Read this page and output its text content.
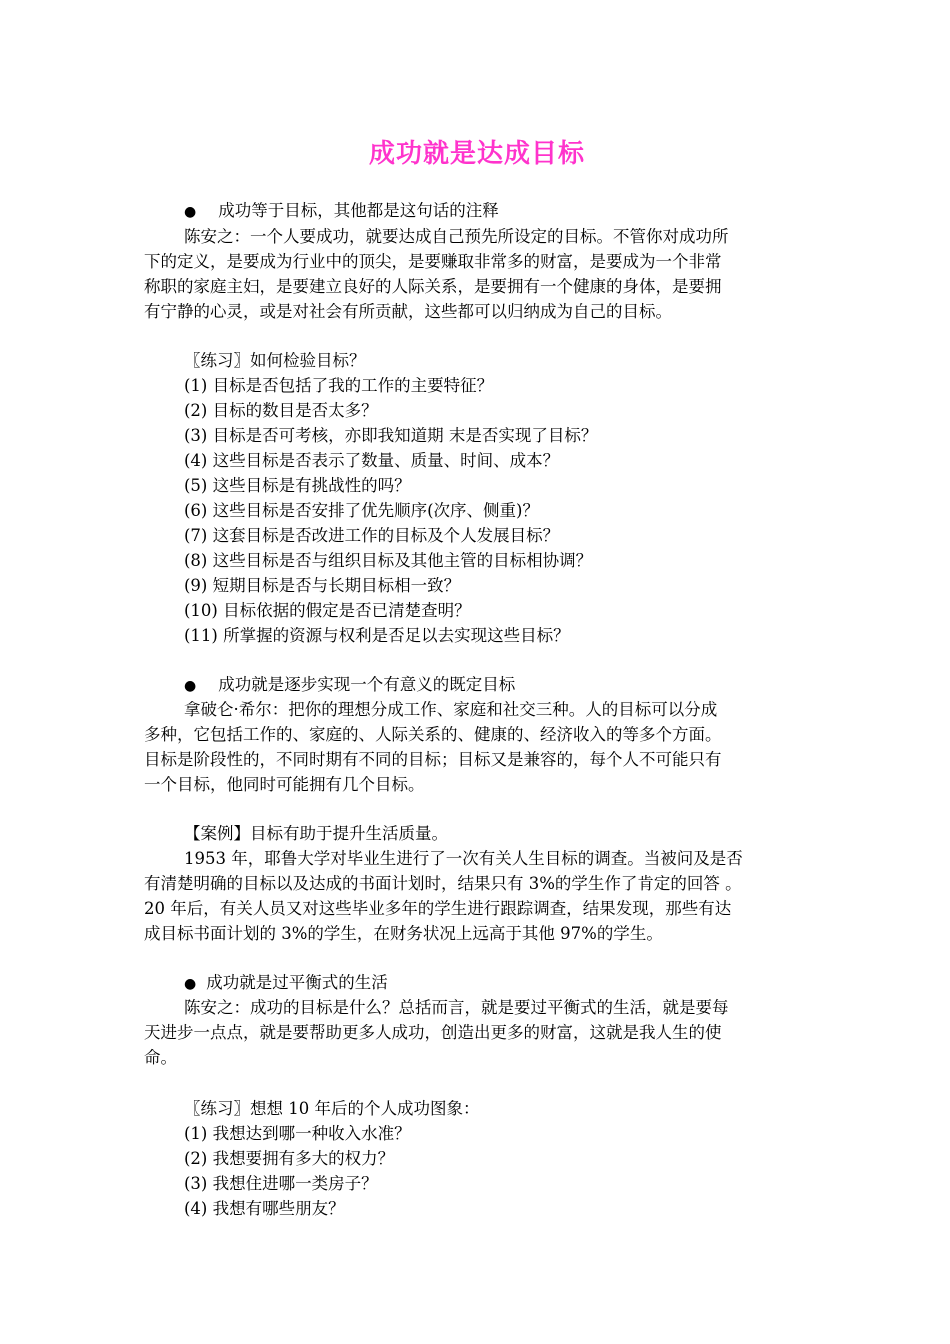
成功就是达成目标
● 成功等于目标，其他都是这句话的注释
陈安之：一个人要成功，就要达成自己预先所设定的目标。不管你对成功所
下的定义，是要成为行业中的顶尖，是要赚取非常多的财富，是要成为一个非常
称职的家庭主妇，是要建立良好的人际关系，是要拥有一个健康的身体，是要拥
有宁静的心灵，或是对社会有所贡献，这些都可以归纳成为自己的目标。
〖练习〗如何检验目标？
(1) 目标是否包括了我的工作的主要特征？
(2) 目标的数目是否太多？
(3) 目标是否可考核，亦即我知道期 末是否实现了目标？
(4) 这些目标是否表示了数量、质量、时间、成本？
(5) 这些目标是有挑战性的吗？
(6) 这些目标是否安排了优先顺序(次序、侧重)？
(7) 这套目标是否改进工作的目标及个人发展目标？
(8) 这些目标是否与组织目标及其他主管的目标相协调？
(9) 短期目标是否与长期目标相一致？
(10) 目标依据的假定是否已清楚查明？
(11) 所掌握的资源与权利是否足以去实现这些目标？
● 成功就是逐步实现一个有意义的既定目标
拿破仑·希尔：把你的理想分成工作、家庭和社交三种。人的目标可以分成
多种，它包括工作的、家庭的、人际关系的、健康的、经济收入的等多个方面。
目标是阶段性的，不同时期有不同的目标；目标又是兼容的，每个人不可能只有
一个目标，他同时可能拥有几个目标。
【案例】目标有助于提升生活质量。
1953 年，耶鲁大学对毕业生进行了一次有关人生目标的调查。当被问及是否
有清楚明确的目标以及达成的书面计划时，结果只有 3%的学生作了肯定的回答 。
20 年后，有关人员又对这些毕业多年的学生进行跟踪调查，结果发现，那些有达
成目标书面计划的 3%的学生，在财务状况上远高于其他 97%的学生。
● 成功就是过平衡式的生活
陈安之：成功的目标是什么？总括而言，就是要过平衡式的生活，就是要每
天进步一点点，就是要帮助更多人成功，创造出更多的财富，这就是我人生的使
命。
〖练习〗想想 10 年后的个人成功图象：
(1) 我想达到哪一种收入水准？
(2) 我想要拥有多大的权力？
(3) 我想住进哪一类房子？
(4) 我想有哪些朋友？
